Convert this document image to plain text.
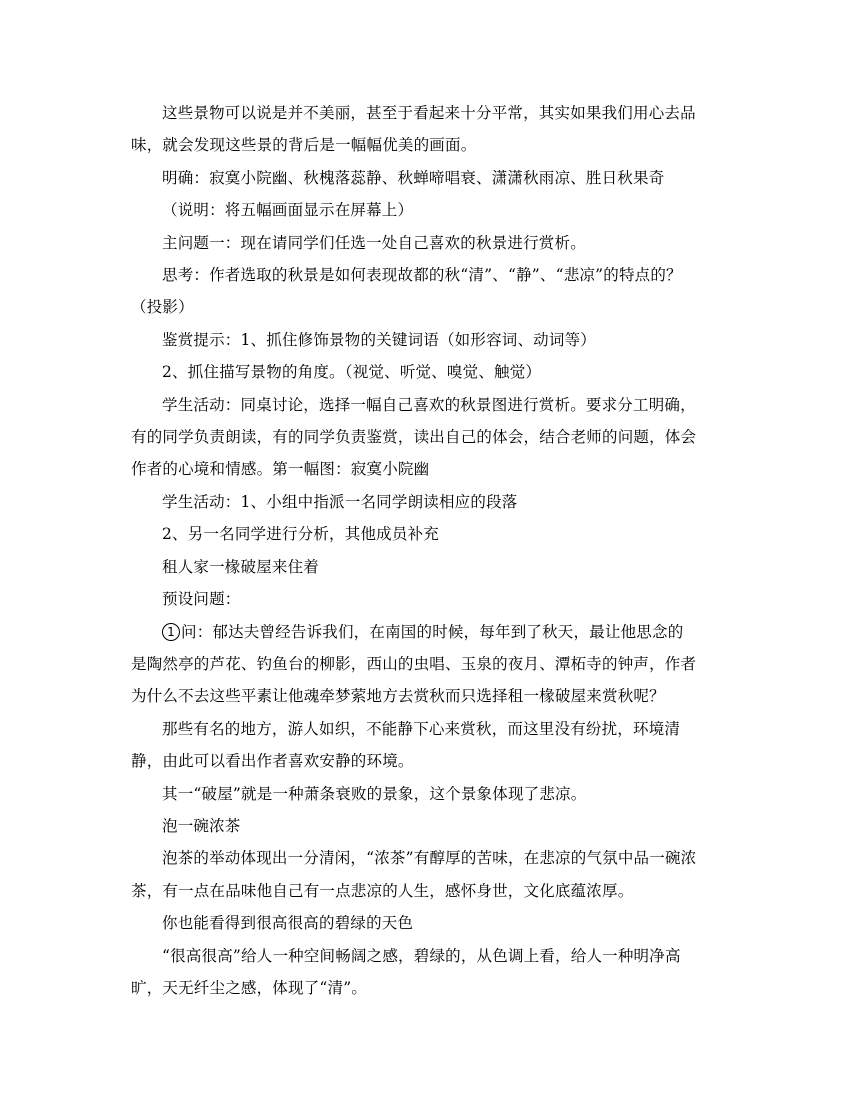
这些景物可以说是并不美丽，甚至于看起来十分平常，其实如果我们用心去品

味，就会发现这些景的背后是一幅幅优美的画面。

明确：寂寞小院幽、秋槐落蕊静、秋蝉啼唱衰、潇潇秋雨凉、胜日秋果奇

（说明：将五幅画面显示在屏幕上）

主问题一：现在请同学们任选一处自己喜欢的秋景进行赏析。

思考：作者选取的秋景是如何表现故都的秋“清”、“静”、“悲凉”的特点的？

（投影）

鉴赏提示：1、抓住修饰景物的关键词语（如形容词、动词等）

2、抓住描写景物的角度。（视觉、听觉、嗅觉、触觉）

学生活动：同桌讨论，选择一幅自己喜欢的秋景图进行赏析。要求分工明确，

有的同学负责朗读，有的同学负责鉴赏，读出自己的体会，结合老师的问题，体会

作者的心境和情感。第一幅图：寂寞小院幽

学生活动：1、小组中指派一名同学朗读相应的段落

2、另一名同学进行分析，其他成员补充

租人家一椽破屋来住着

预设问题：

1 问：郁达夫曾经告诉我们，在南国的时候，每年到了秋天，最让他思念的

是陶然亭的芦花、钓鱼台的柳影，西山的虫唱、玉泉的夜月、潭柘寺的钟声，作者

为什么不去这些平素让他魂牵梦萦地方去赏秋而只选择租一椽破屋来赏秋呢？

那些有名的地方，游人如织，不能静下心来赏秋，而这里没有纷扰，环境清

静，由此可以看出作者喜欢安静的环境。

其一“破屋”就是一种萧条衰败的景象，这个景象体现了悲凉。

泡一碗浓茶

泡茶的举动体现出一分清闲，“浓茶”有醇厚的苦味，在悲凉的气氛中品一碗浓

茶，有一点在品味他自己有一点悲凉的人生，感怀身世，文化底蕴浓厚。

你也能看得到很高很高的碧绿的天色

“很高很高”给人一种空间畅阔之感，碧绿的，从色调上看，给人一种明净高

旷，天无纤尘之感，体现了“清”。
